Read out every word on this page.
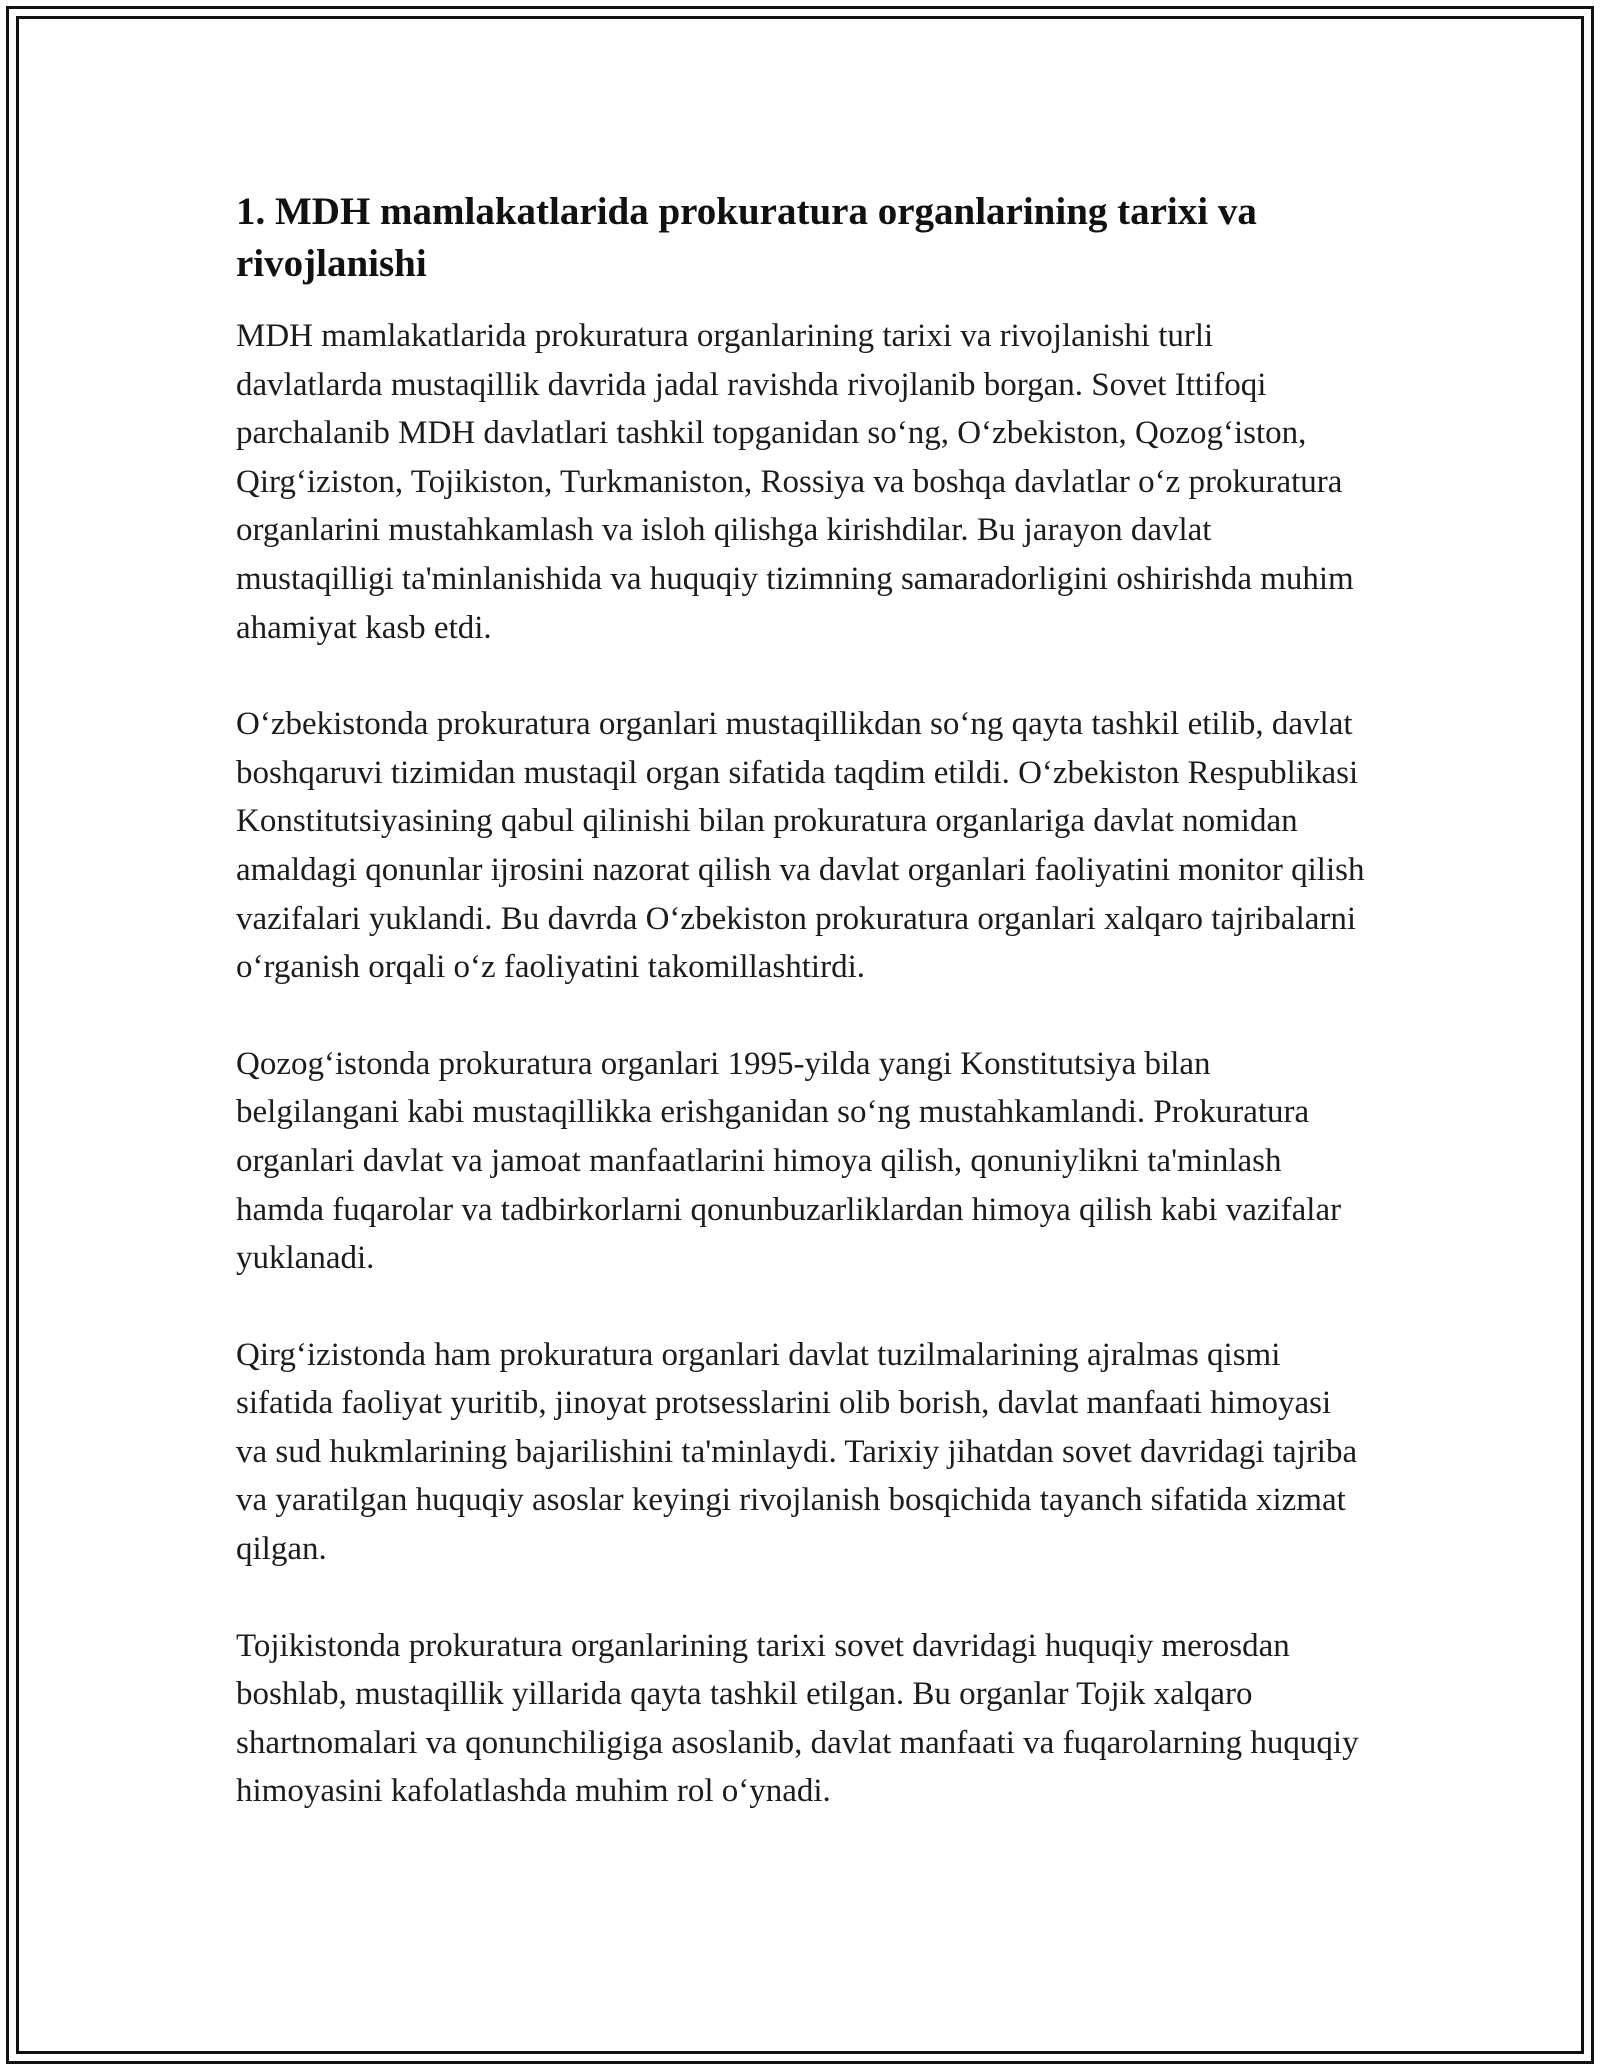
1. MDH mamlakatlarida prokuratura organlarining tarixi va rivojlanishi

MDH mamlakatlarida prokuratura organlarining tarixi va rivojlanishi turli davlatlarda mustaqillik davrida jadal ravishda rivojlanib borgan. Sovet Ittifoqi parchalanib MDH davlatlari tashkil topganidan so‘ng, O‘zbekiston, Qozog‘iston, Qirg‘iziston, Tojikiston, Turkmaniston, Rossiya va boshqa davlatlar o‘z prokuratura organlarini mustahkamlash va isloh qilishga kirishdilar. Bu jarayon davlat mustaqilligi ta'minlanishida va huquqiy tizimning samaradorligini oshirishda muhim ahamiyat kasb etdi.

O‘zbekistonda prokuratura organlari mustaqillikdan so‘ng qayta tashkil etilib, davlat boshqaruvi tizimidan mustaqil organ sifatida taqdim etildi. O‘zbekiston Respublikasi Konstitutsiyasining qabul qilinishi bilan prokuratura organlariga davlat nomidan amaldagi qonunlar ijrosini nazorat qilish va davlat organlari faoliyatini monitor qilish vazifalari yuklandi. Bu davrda O‘zbekiston prokuratura organlari xalqaro tajribalarni o‘rganish orqali o‘z faoliyatini takomillashtirdi.

Qozog‘istonda prokuratura organlari 1995-yilda yangi Konstitutsiya bilan belgilangani kabi mustaqillikka erishganidan so‘ng mustahkamlandi. Prokuratura organlari davlat va jamoat manfaatlarini himoya qilish, qonuniylikni ta'minlash hamda fuqarolar va tadbirkorlarni qonunbuzarliklardan himoya qilish kabi vazifalar yuklanadi.

Qirg‘izistonda ham prokuratura organlari davlat tuzilmalarining ajralmas qismi sifatida faoliyat yuritib, jinoyat protsesslarini olib borish, davlat manfaati himoyasi va sud hukmlarining bajarilishini ta'minlaydi. Tarixiy jihatdan sovet davridagi tajriba va yaratilgan huquqiy asoslar keyingi rivojlanish bosqichida tayanch sifatida xizmat qilgan.

Tojikistonda prokuratura organlarining tarixi sovet davridagi huquqiy merosdan boshlab, mustaqillik yillarida qayta tashkil etilgan. Bu organlar Tojik xalqaro shartnomalari va qonunchiligiga asoslanib, davlat manfaati va fuqarolarning huquqiy himoyasini kafolatlashda muhim rol o‘ynadi.
